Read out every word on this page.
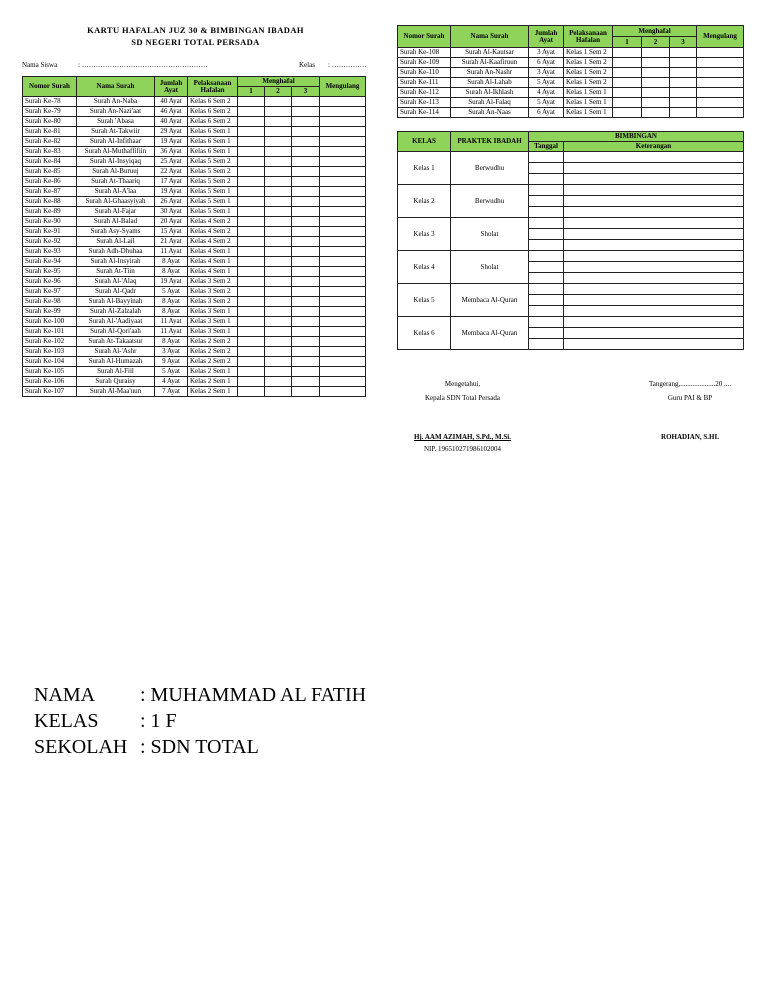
KARTU HAFALAN JUZ 30 & BIMBINGAN IBADAH
SD NEGERI TOTAL PERSADA
Nama Siswa	: ………………………………………………	Kelas : ……………
Nomor Surah	Nama Surah	Jumlah Ayat	Pelaksanaan Hafalan	Menghafal			Mengulang
				1	2	3	
Surah Ke-78	Surah An-Naba	40 Ayat	Kelas 6 Sem 2				
Surah Ke-79	Surah An-Nazi'aat	46 Ayat	Kelas 6 Sem 2				
Surah Ke-80	Surah 'Abasa	40 Ayat	Kelas 6 Sem 2				
Surah Ke-81	Surah At-Takwiir	29 Ayat	Kelas 6 Sem 1				
Surah Ke-82	Surah Al-Infithaar	19 Ayat	Kelas 6 Sem 1				
Surah Ke-83	Surah Al-Muthaffifiin	36 Ayat	Kelas 6 Sem 1				
Surah Ke-84	Surah Al-Insyiqaq	25 Ayat	Kelas 5 Sem 2				
Surah Ke-85	Surah Al-Buruuj	22 Ayat	Kelas 5 Sem 2				
Surah Ke-86	Surah At-Thaariq	17 Ayat	Kelas 5 Sem 2				
Surah Ke-87	Surah Al-A'laa	19 Ayat	Kelas 5 Sem 1				
Surah Ke-88	Surah Al-Ghaasyiyah	26 Ayat	Kelas 5 Sem 1				
Surah Ke-89	Surah Al-Fajar	30 Ayat	Kelas 5 Sem 1				
Surah Ke-90	Surah Al-Balad	20 Ayat	Kelas 4 Sem 2				
Surah Ke-91	Surah Asy-Syams	15 Ayat	Kelas 4 Sem 2				
Surah Ke-92	Surah Al-Lail	21 Ayat	Kelas 4 Sem 2				
Surah Ke-93	Surah Adh-Dhuhaa	11 Ayat	Kelas 4 Sem 1				
Surah Ke-94	Surah Al-Insyirah	8 Ayat	Kelas 4 Sem 1				
Surah Ke-95	Surah At-Tiin	8 Ayat	Kelas 4 Sem 1				
Surah Ke-96	Surah Al-'Alaq	19 Ayat	Kelas 3 Sem 2				
Surah Ke-97	Surah Al-Qadr	5 Ayat	Kelas 3 Sem 2				
Surah Ke-98	Surah Al-Bayyinah	8 Ayat	Kelas 3 Sem 2				
Surah Ke-99	Surah Al-Zalzalah	8 Ayat	Kelas 3 Sem 1				
Surah Ke-100	Surah Al-'Aadiyaat	11 Ayat	Kelas 3 Sem 1				
Surah Ke-101	Surah Al-Qori'aah	11 Ayat	Kelas 3 Sem 1				
Surah Ke-102	Surah At-Takaatsur	8 Ayat	Kelas 2 Sem 2				
Surah Ke-103	Surah Al-'Ashr	3 Ayat	Kelas 2 Sem 2				
Surah Ke-104	Surah Al-Humazah	9 Ayat	Kelas 2 Sem 2				
Surah Ke-105	Surah Al-Fiil	5 Ayat	Kelas 2 Sem 1				
Surah Ke-106	Surah Quraisy	4 Ayat	Kelas 2 Sem 1				
Surah Ke-107	Surah Al-Maa'uun	7 Ayat	Kelas 2 Sem 1				
Nomor Surah	Nama Surah	Jumlah Ayat	Pelaksanaan Hafalan	Menghafal			Mengulang
				1	2	3	
Surah Ke-108	Surah Al-Kautsar	3 Ayat	Kelas 1 Sem 2				
Surah Ke-109	Surah Al-Kaafiruun	6 Ayat	Kelas 1 Sem 2				
Surah Ke-110	Surah An-Nashr	3 Ayat	Kelas 1 Sem 2				
Surah Ke-111	Surah Al-Lahab	5 Ayat	Kelas 1 Sem 2				
Surah Ke-112	Surah Al-Ikhlash	4 Ayat	Kelas 1 Sem 1				
Surah Ke-113	Surah Al-Falaq	5 Ayat	Kelas 1 Sem 1				
Surah Ke-114	Surah An-Naas	6 Ayat	Kelas 1 Sem 1				
KELAS	PRAKTEK IBADAH	BIMBINGAN	
		Tanggal	Keterangan
Kelas 1	Berwudhu		

Kelas 2	Berwudhu		

Kelas 3	Sholat		

Kelas 4	Sholat		

Kelas 5	Membaca Al-Quran		

Kelas 6	Membaca Al-Quran		

Mengetahui,
Kepala SDN Total Persada
Hj. AAM AZIMAH, S.Pd., M.Si.
NIP. 196510271986102004
Tangerang,....................20 ....
Guru PAI & BP
ROHADIAN, S.HI.
NAMA : MUHAMMAD AL FATIH
KELAS : 1 F
SEKOLAH : SDN TOTAL
